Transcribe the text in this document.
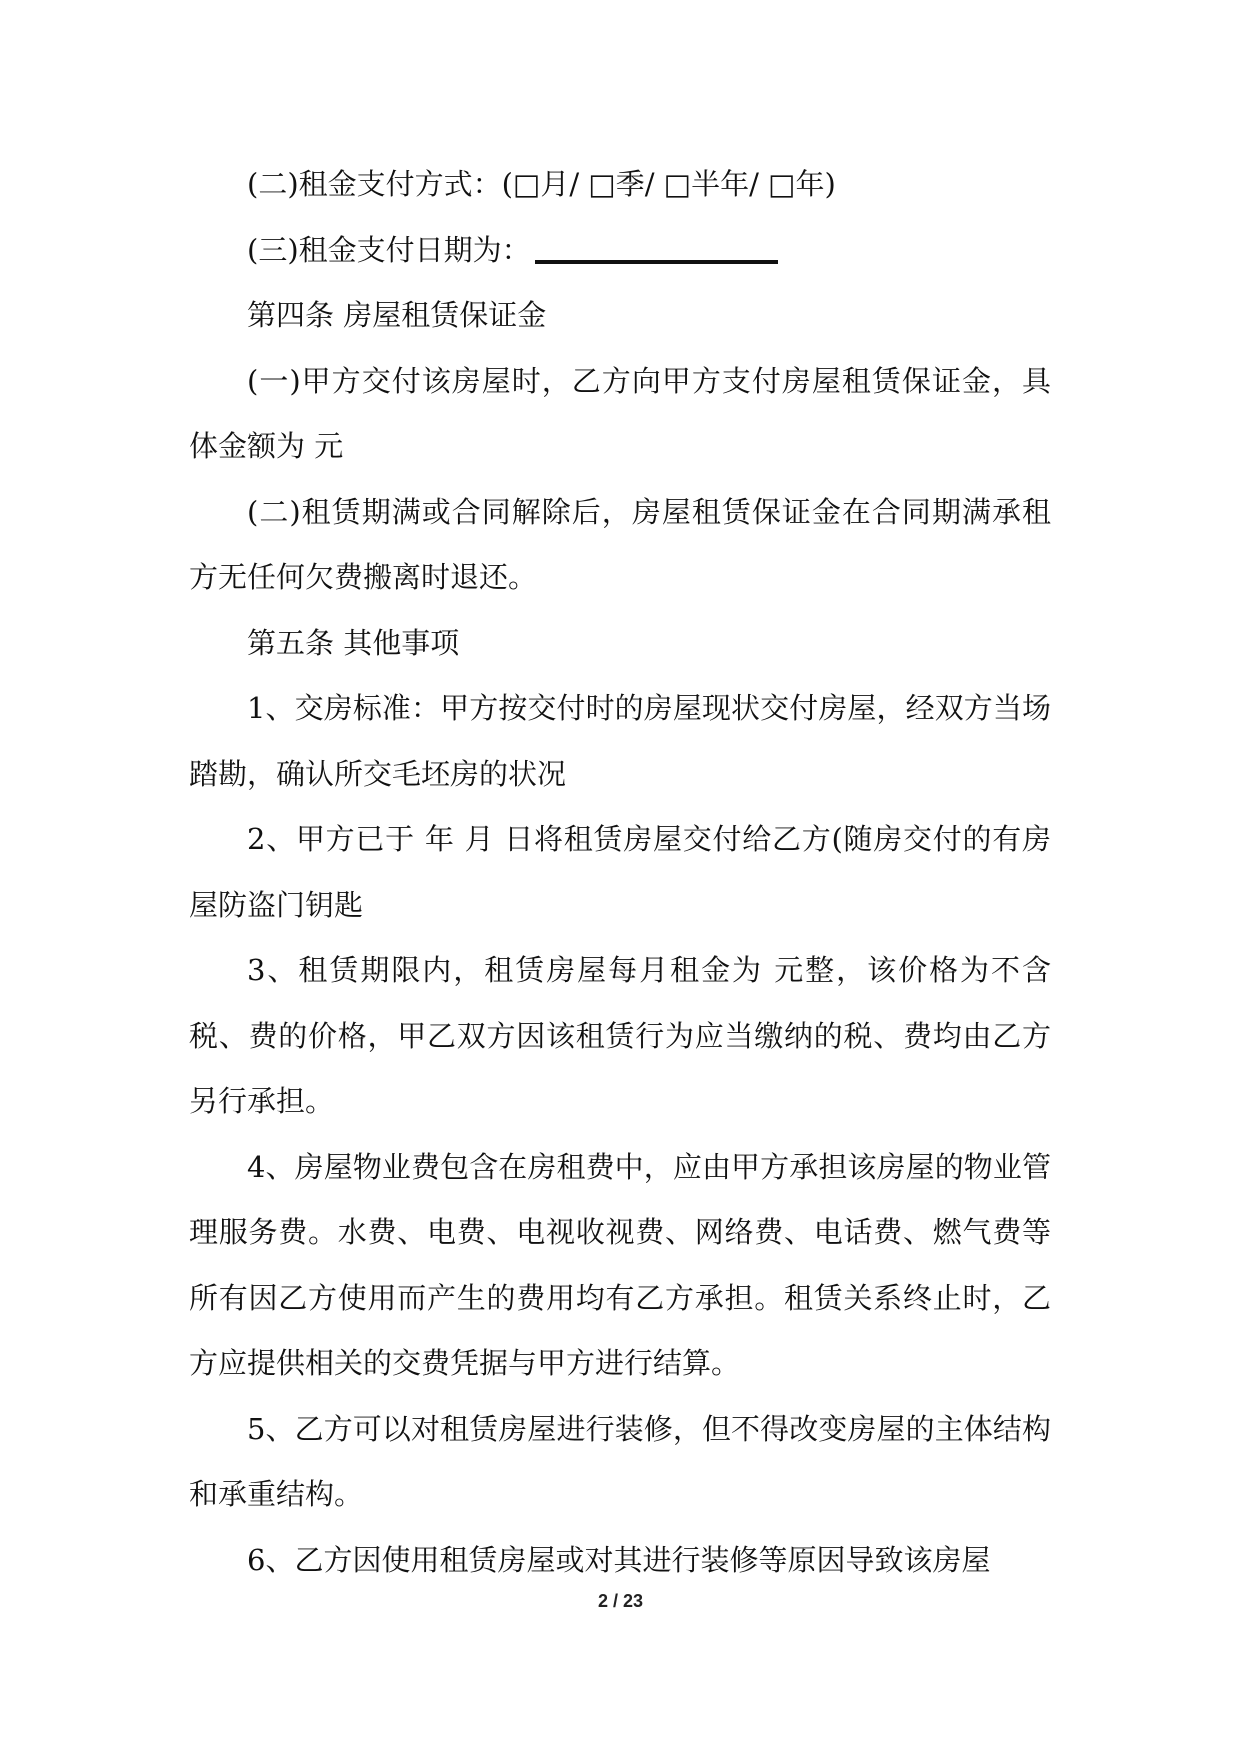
(二)租金支付方式：(□月/ □季/ □半年/ □年)

(三)租金支付日期为：

第四条 房屋租赁保证金

(一)甲方交付该房屋时，乙方向甲方支付房屋租赁保证金，具体金额为 元

(二)租赁期满或合同解除后，房屋租赁保证金在合同期满承租方无任何欠费搬离时退还。

第五条 其他事项

1、交房标准：甲方按交付时的房屋现状交付房屋，经双方当场踏勘，确认所交毛坯房的状况

2、甲方已于 年 月 日将租赁房屋交付给乙方(随房交付的有房屋防盗门钥匙

3、租赁期限内，租赁房屋每月租金为 元整，该价格为不含税、费的价格，甲乙双方因该租赁行为应当缴纳的税、费均由乙方另行承担。

4、房屋物业费包含在房租费中，应由甲方承担该房屋的物业管理服务费。水费、电费、电视收视费、网络费、电话费、燃气费等所有因乙方使用而产生的费用均有乙方承担。租赁关系终止时，乙方应提供相关的交费凭据与甲方进行结算。

5、乙方可以对租赁房屋进行装修，但不得改变房屋的主体结构和承重结构。

6、乙方因使用租赁房屋或对其进行装修等原因导致该房屋

2 / 23
